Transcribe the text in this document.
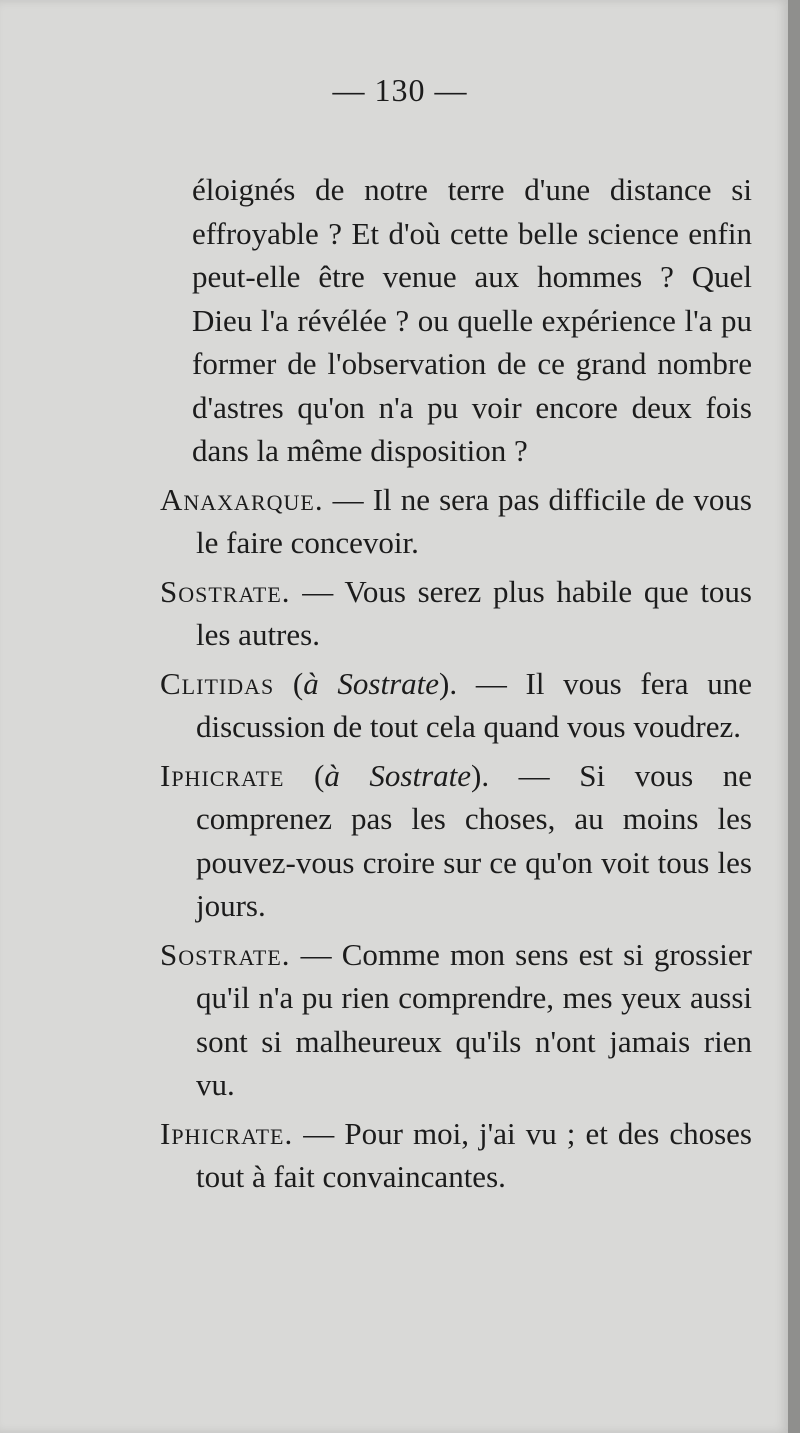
— 130 —

éloignés de notre terre d'une distance si effroyable ? Et d'où cette belle science enfin peut-elle être venue aux hommes ? Quel Dieu l'a révélée ? ou quelle expérience l'a pu former de l'observation de ce grand nombre d'astres qu'on n'a pu voir encore deux fois dans la même disposition ?

Anaxarque. — Il ne sera pas difficile de vous le faire concevoir.

Sostrate. — Vous serez plus habile que tous les autres.

Clitidas (à Sostrate). — Il vous fera une discussion de tout cela quand vous voudrez.

Iphicrate (à Sostrate). — Si vous ne comprenez pas les choses, au moins les pouvez-vous croire sur ce qu'on voit tous les jours.

Sostrate. — Comme mon sens est si grossier qu'il n'a pu rien comprendre, mes yeux aussi sont si malheureux qu'ils n'ont jamais rien vu.

Iphicrate. — Pour moi, j'ai vu ; et des choses tout à fait convaincantes.
